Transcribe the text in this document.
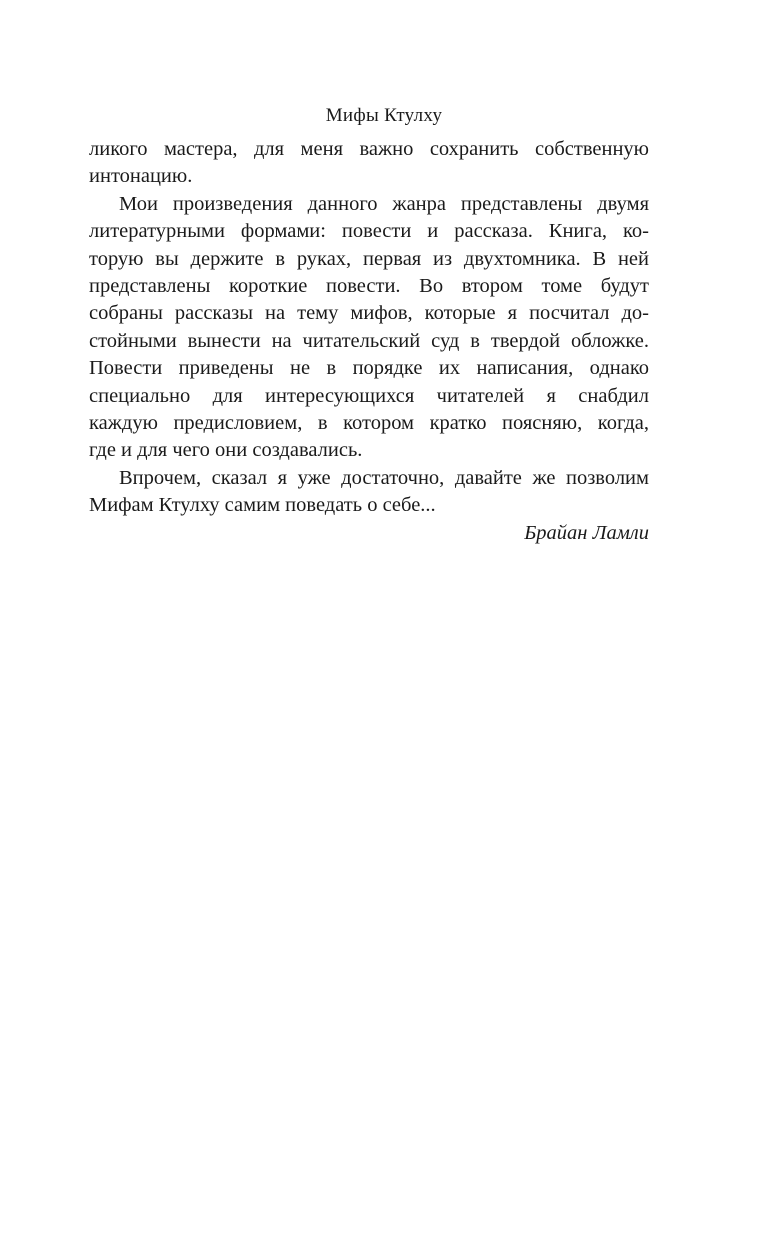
Мифы Ктулху

ликого мастера, для меня важно сохранить собственную
интонацию.

Мои произведения данного жанра представлены двумя
литературными формами: повести и рассказа. Книга, ко-
торую вы держите в руках, первая из двухтомника. В ней
представлены короткие повести. Во втором томе будут
собраны рассказы на тему мифов, которые я посчитал до-
стойными вынести на читательский суд в твердой обложке.
Повести приведены не в порядке их написания, однако
специально для интересующихся читателей я снабдил
каждую предисловием, в котором кратко поясняю, когда,
где и для чего они создавались.

Впрочем, сказал я уже достаточно, давайте же позволим
Мифам Ктулху самим поведать о себе...

Брайан Ламли
